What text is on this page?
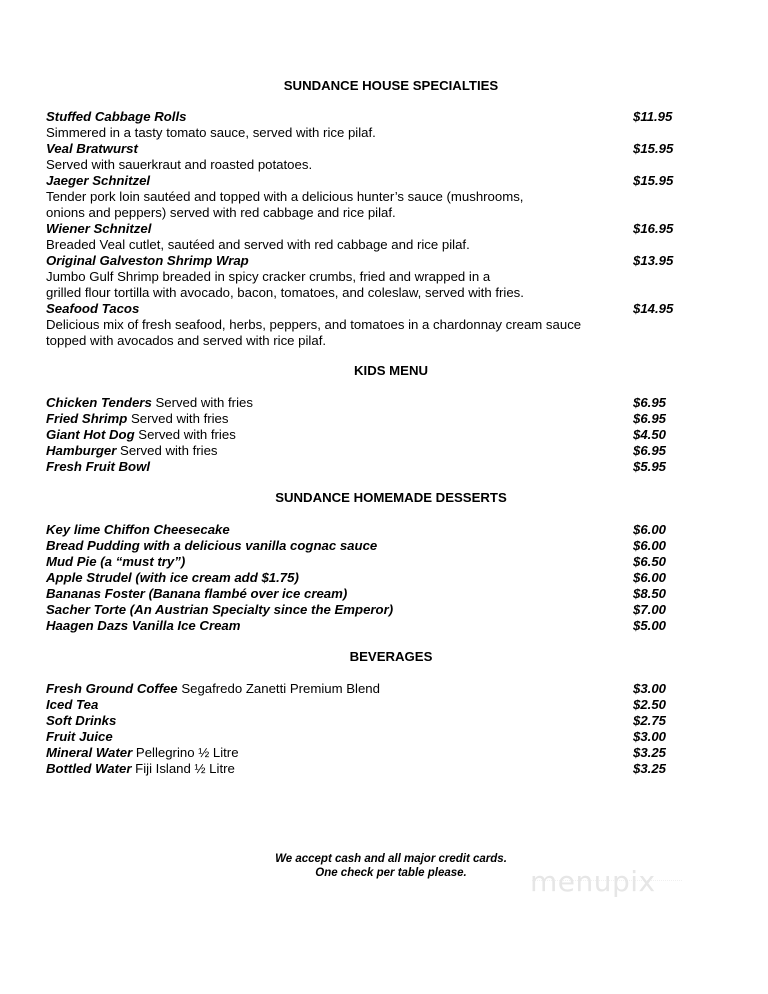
SUNDANCE HOUSE SPECIALTIES
Stuffed Cabbage Rolls	$11.95
Simmered in a tasty tomato sauce, served with rice pilaf.
Veal Bratwurst	$15.95
Served with sauerkraut and roasted potatoes.
Jaeger Schnitzel	$15.95
Tender pork loin sautéed and topped with a delicious hunter’s sauce (mushrooms,
onions and peppers) served with red cabbage and rice pilaf.
Wiener Schnitzel	$16.95
Breaded Veal cutlet, sautéed and served with red cabbage and rice pilaf.
Original Galveston Shrimp Wrap	$13.95
Jumbo Gulf Shrimp breaded in spicy cracker crumbs, fried and wrapped in a
grilled flour tortilla with avocado, bacon, tomatoes, and coleslaw, served with fries.
Seafood Tacos	$14.95
Delicious mix of fresh seafood, herbs, peppers, and tomatoes in a chardonnay cream sauce
topped with avocados and served with rice pilaf.
KIDS MENU
Chicken Tenders Served with fries	$6.95
Fried Shrimp Served with fries	$6.95
Giant Hot Dog Served with fries	$4.50
Hamburger Served with fries	$6.95
Fresh Fruit Bowl	$5.95
SUNDANCE HOMEMADE DESSERTS
Key lime Chiffon Cheesecake	$6.00
Bread Pudding with a delicious vanilla cognac sauce	$6.00
Mud Pie (a “must try”)	$6.50
Apple Strudel (with ice cream add $1.75)	$6.00
Bananas Foster (Banana flambé over ice cream)	$8.50
Sacher Torte (An Austrian Specialty since the Emperor)	$7.00
Haagen Dazs Vanilla Ice Cream	$5.00
BEVERAGES
Fresh Ground Coffee Segafredo Zanetti Premium Blend	$3.00
Iced Tea	$2.50
Soft Drinks	$2.75
Fruit Juice	$3.00
Mineral Water Pellegrino ½ Litre	$3.25
Bottled Water Fiji Island ½ Litre	$3.25
We accept cash and all major credit cards.
One check per table please.	menupix
